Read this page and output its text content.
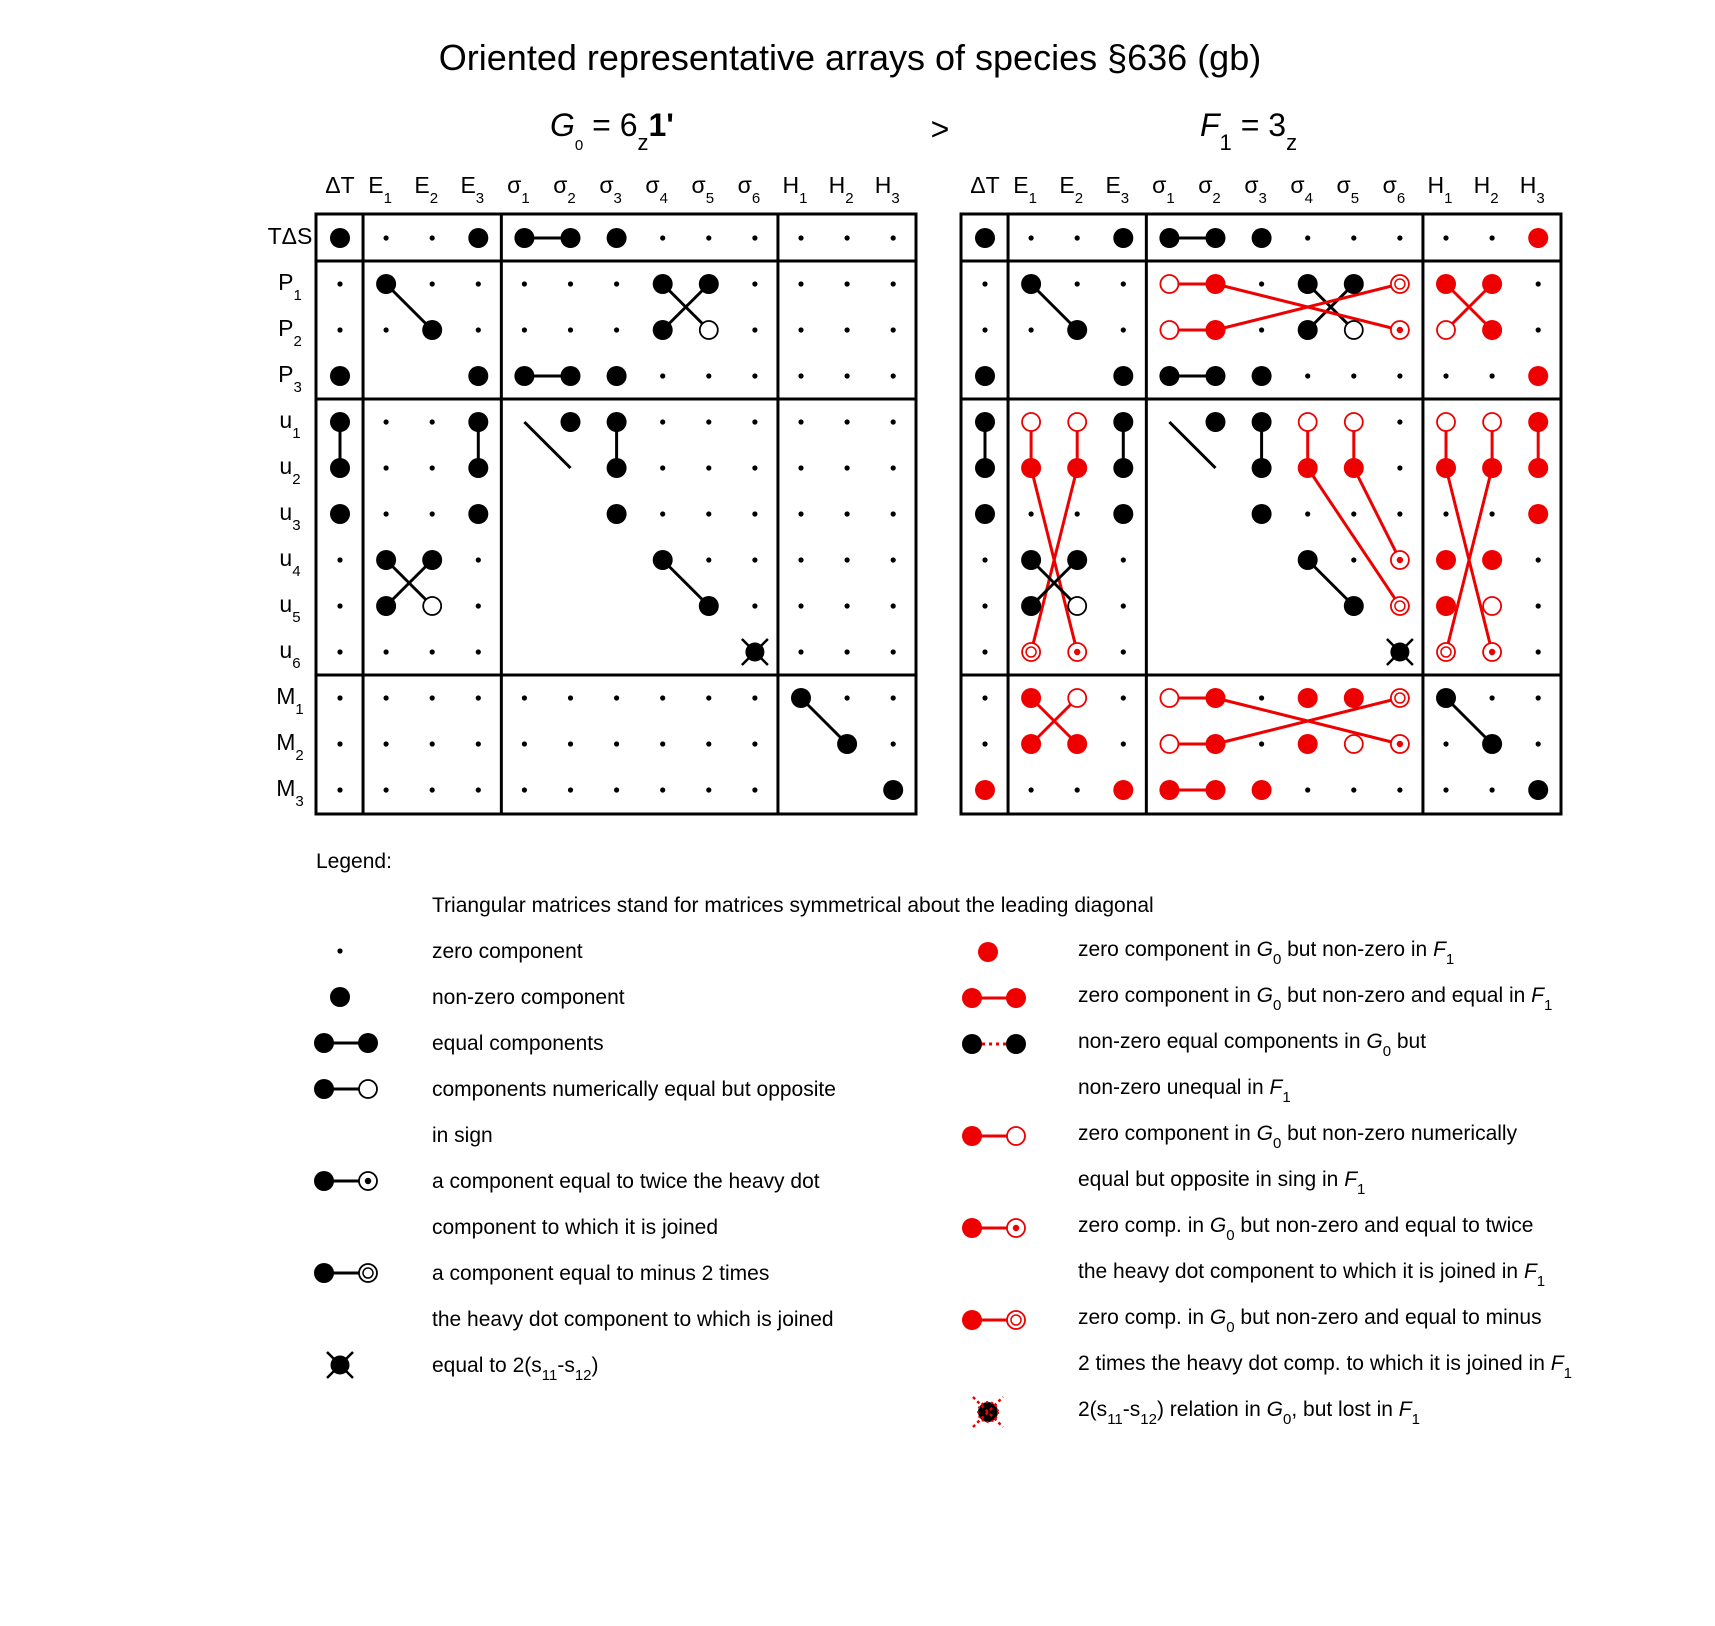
Oriented representative arrays of species §636 (gb)
>
$G_0 = 6_z1'$	$F_1 = 3_z$
ΔT $E_1$
$E_2$
$E_3$
$\sigma_1$
$\sigma_2$
$\sigma_3$
$\sigma_4$
$\sigma_5$
$\sigma_6$
$H_1$
$H_2$
$H_3$
ΔT $E_1$
$E_2$
$E_3$
$\sigma_1$
$\sigma_2$
$\sigma_3$
$\sigma_4$
$\sigma_5$
$\sigma_6$
$H_1$
$H_2$
$H_3$
TΔS
$P_1$
$P_2$
$P_3$
$u_1$
$u_2$
$u_3$
$u_4$
$u_5$
$u_6$
$M_1$
$M_2$
$M_3$
Legend:
Triangular matrices stand for matrices symmetrical about the leading diagonal
zero component
non-zero component
equal components
components numerically equal but opposite
in sign
a component equal to twice the heavy dot
component to which it is joined
a component equal to minus 2 times
the heavy dot component to which is joined
equal to $2(s_{11}-s_{12})$
zero component in $G_0$ but non-zero in $F_1$
zero component in $G_0$ but non-zero and equal in $F_1$
non-zero equal components in $G_0$ but
non-zero unequal in $F_1$
zero component in $G_0$ but non-zero numerically
equal but opposite in sing in $F_1$
zero comp. in $G_0$ but non-zero and equal to twice
the heavy dot component to which it is joined in $F_1$
zero comp. in $G_0$ but non-zero and equal to minus
2 times the heavy dot comp. to which it is joined in $F_1$
$2(s_{11}-s_{12})$ relation in $G_0$, but lost in $F_1$
